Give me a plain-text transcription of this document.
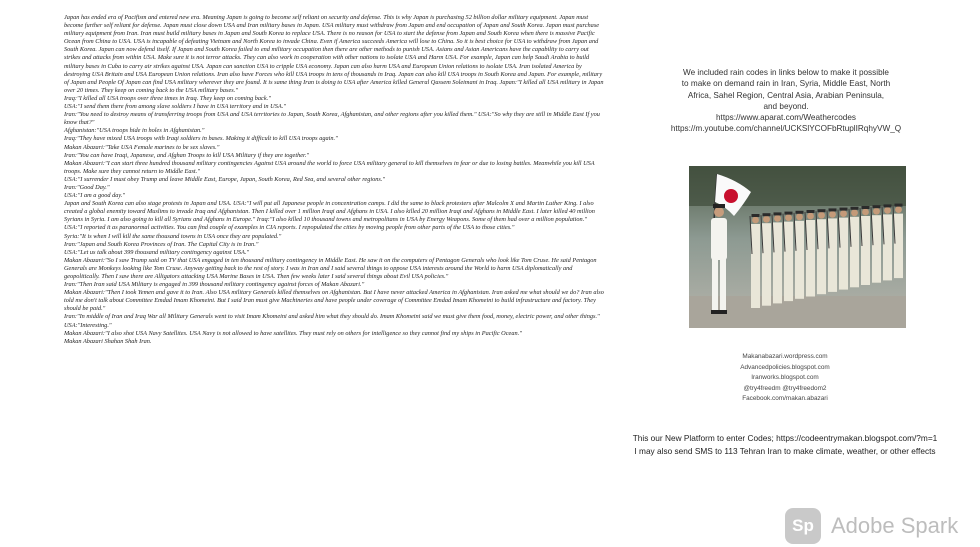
Japan has ended era of Pacifism and entered new era. Meaning Japan is going to become self reliant on security and defense. This is why Japan is purchasing 52 billion dollar military equipment. Japan must become further self reliant for defense. Japan must close down USA and Iran military bases in Japan. USA military must withdraw from Japan and end occupation of Japan and South Korea. Japan must purchase military equipment from Iran. Iran must build military bases in Japan and South Korea to replace USA. There is no reason for USA to start the defense from Japan and South Korea when there is massive Pacific Ocean from China to USA. USA is incapable of defeating Vietnam and North Korea to invade China. Even if America succeeds America will lose to China. So it is best choice for USA to withdraw from Japan and South Korea. Japan can now defend itself. If Japan and South Korea failed to end military occupation then there are other methods to punish USA. Asians and Asian Americans have the capability to carry out strikes and attacks from within USA. Make sure it is not terror attacks. They can also work in cooperation with other nations to isolate USA and Harm USA. For example, Japan can help Saudi Arabia to build military bases in Cuba to carry air strikes against USA. Japan can sanction USA to cripple USA economy. Japan can also harm USA and European Union relations to isolate USA. Iran isolated America by destroying USA Britain and USA European Union relations. Iran also have Forces who kill USA troops in tens of thousands in Iraq. Japan can also kill USA troops in South Korea and Japan. For example, military of Japan and People Of Japan can find USA military wherever they are found. It is same thing Iran is doing to USA after America killed General Qassem Soleimani in Iraq. Japan:"I killed all USA military in Japan over 20 times. They keep on coming back to the USA military bases."

Iraq:"I killed all USA troops over three times in Iraq. They keep on coming back."

USA:"I send them there from among slave soldiers I have in USA territory and in USA."

Iran:"You need to destroy means of transferring troops from USA and USA territories to Japan, South Korea, Afghanistan, and other regions after you killed them." USA:"So why they are still in Middle East If you know that?"

Afghanistan:"USA troops hide in holes in Afghanistan."

Iraq:"They have mixed USA troops with Iraqi soldiers in bases. Making it difficult to kill USA troops again."

Makan Abazari:"Take USA Female marines to be sex slaves."

Iran:"You can have Iraqi, Japanese, and Afghan Troops to kill USA Military if they are together."

Makan Abazari:"I can start three hundred thousand military contingencies Against USA around the world to force USA military general to kill themselves in fear or due to losing battles. Meanwhile you kill USA troops. Make sure they cannot return to Middle East."

USA:"I surrender I must obey Trump and leave Middle East, Europe, Japan, South Korea, Red Sea, and several other regions."

Iran:"Good Day."

USA:"I am a good day."

Japan and South Korea can also stage protests in Japan and USA. USA:"I will put all Japanese people in concentration camps. I did the same to black protesters after Malcolm X and Martin Luther King. I also created a global enemity toward Muslims to invade Iraq and Afghanistan. Then I killed over 1 million Iraqi and Afghans in USA. I also killed 20 million Iraqi and Afghans in Middle East. I later killed 40 million Syrians in Syria. I am also going to kill all Syrians and Afghans in Europe." Iraq:"I also killed 10 thousand towns and metropolitans in USA by Energy Weapons. Some of them had over a million population."

USA:"I reported it as paranormal activities. You can find couple of examples in CIA reports. I repopulated the cities by moving people from other parts of the USA to those cities."

Syria:"It is when I will kill the same thousand towns in USA once they are populated."

Iran:"Japan and South Korea Provinces of Iran. The Capital City is in Iran."

USA:"Let us talk about 399 thousand military contingency against USA."

Makan Abazari:"So I saw Trump said on TV that USA engaged in ten thousand military contingency in Middle East. He saw it on the computers of Pentagon Generals who look like Tom Cruse. He said Pentagon Generals are Monkeys looking like Tom Cruse. Anyway getting back to the rest of story. I was in Iran and I said several things to oppose USA interests around the World to harm USA diplomatically and geopolitically. Then I saw there are Alligators attacking USA Marine Bases in USA. Then few weeks later I said several things about Evil USA policies."

Iran:"Then Iran said USA Military is engaged in 399 thousand military contingency against forces of Makan Abazari."

Makan Abazari:"Then I took Yemen and gave it to Iran. Also USA military Generals killed themselves on Afghanistan. But I have never attacked America in Afghanistan. Iran asked me what should we do? Iran also told me don't talk about Committee Emdad Imam Khomeini. But I said Iran must give Machineries and have people under coverage of Committee Emdad Imam Khomeini to build infrastructure and factory. They should be paid."

Iran:"In middle of Iran and Iraq War all Military Generals went to visit Imam Khomeini and asked him what they should do. Imam Khomeini said we must give them food, money, electric power, and other things."

USA:"Interesting."

Makan Abazari:"I also shot USA Navy Satellites. USA Navy is not allowed to have satellites. They must rely on others for intelligence so they cannot find my ships in Pacific Ocean."

Makan Abazari Shahan Shah Iran.

We included rain codes in links below to make it possible
to make on demand rain in Iran, Syria, Middle East, North
Africa, Sahel Region, Central Asia, Arabian Peninsula,
and beyond.
https://www.aparat.com/Weathercodes
https://m.youtube.com/channel/UCKSlYCOFbRtuplIRqhyVW_Q
Makanabazari.wordpress.com
Advancedpolicies.blogspot.com
Iranworks.blogspot.com
@try4freedm @try4freedom2
Facebook.com/makan.abazari
This our New Platform to enter Codes; https://codeentrymakan.blogspot.com/?m=1
I may also send SMS to 113 Tehran Iran to make climate, weather, or other effects
Sp Adobe Spark
